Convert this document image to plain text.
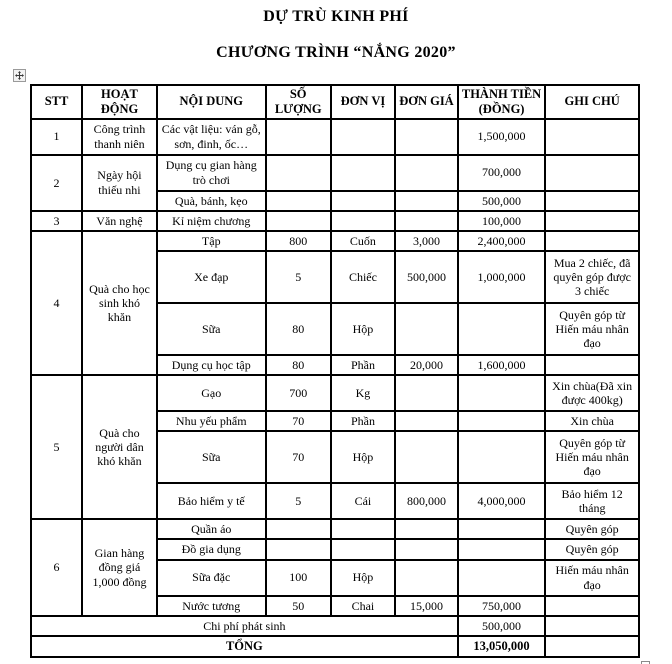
DỰ TRÙ KINH PHÍ
CHƯƠNG TRÌNH “NẮNG 2020”
STT	HOẠT ĐỘNG	NỘI DUNG	SỐ LƯỢNG	ĐƠN VỊ	ĐƠN GIÁ	THÀNH TIỀN (ĐỒNG)	GHI CHÚ
1	Công trình thanh niên	Các vật liệu: ván gỗ, sơn, đinh, ốc…				1,500,000	
2	Ngày hội thiếu nhi	Dụng cụ gian hàng trò chơi				700,000	
		Quà, bánh, kẹo				500,000	
3	Văn nghệ	Kỉ niệm chương				100,000	
4	Quà cho học sinh khó khăn	Tập	800	Cuốn	3,000	2,400,000	
		Xe đạp	5	Chiếc	500,000	1,000,000	Mua 2 chiếc, đã quyên góp được 3 chiếc
		Sữa	80	Hộp			Quyên góp từ Hiến máu nhân đạo
		Dụng cụ học tập	80	Phần	20,000	1,600,000	
5	Quà cho người dân khó khăn	Gạo	700	Kg			Xin chùa(Đã xin được 400kg)
		Nhu yếu phẩm	70	Phần			Xin chùa
		Sữa	70	Hộp			Quyên góp từ Hiến máu nhân đạo
		Bảo hiểm y tế	5	Cái	800,000	4,000,000	Bảo hiểm 12 tháng
6	Gian hàng đồng giá 1,000 đồng	Quần áo					Quyên góp
		Đồ gia dụng					Quyên góp
		Sữa đặc	100	Hộp			Hiến máu nhân đạo
		Nước tương	50	Chai	15,000	750,000	
Chi phí phát sinh						500,000	
TỔNG						13,050,000	
